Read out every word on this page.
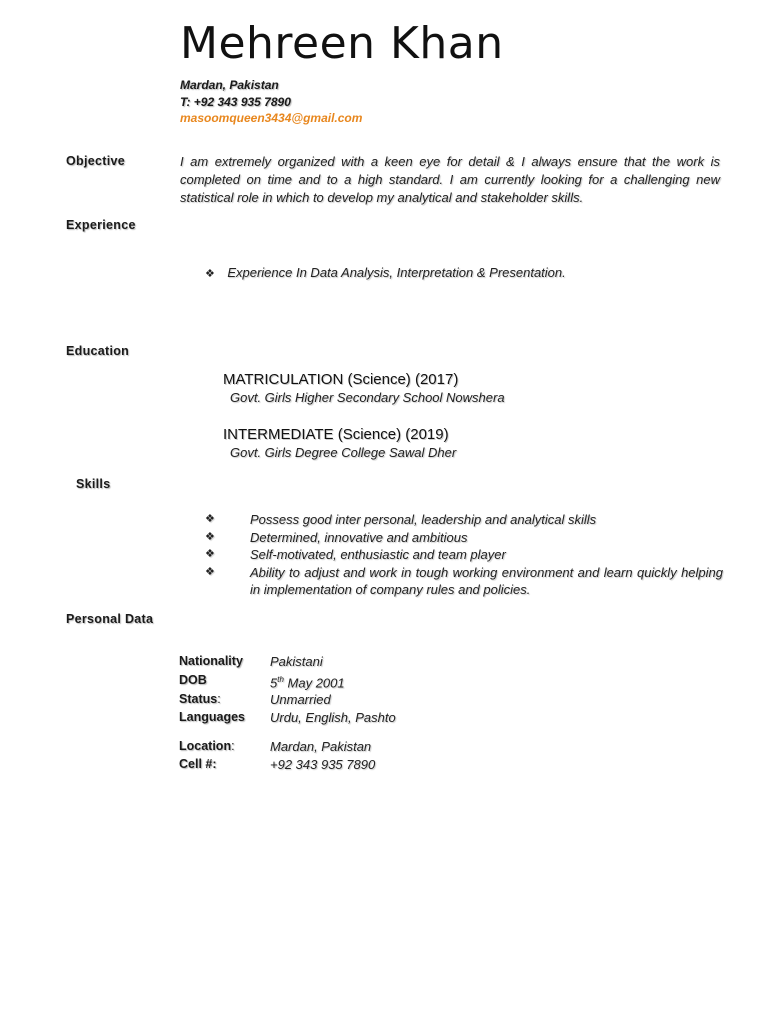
Mehreen Khan
Mardan, Pakistan
T: +92 343 935 7890
masoomqueen3434@gmail.com
Objective	I am extremely organized with a keen eye for detail & I always ensure that the work is completed on time and to a high standard. I am currently looking for a challenging new statistical role in which to develop my analytical and stakeholder skills.
Experience
❖ Experience In Data Analysis, Interpretation & Presentation.
Education
MATRICULATION (Science) (2017)
Govt. Girls Higher Secondary School Nowshera
INTERMEDIATE (Science) (2019)
Govt. Girls Degree College Sawal Dher
Skills
❖	Possess good inter personal, leadership and analytical skills
❖	Determined, innovative and ambitious
❖	Self-motivated, enthusiastic and team player
❖	Ability to adjust and work in tough working environment and learn quickly helping in implementation of company rules and policies.
Personal Data
Nationality	Pakistani
DOB	5th May 2001
Status:	Unmarried
Languages	Urdu, English, Pashto
Location:	Mardan, Pakistan
Cell #:	+92 343 935 7890
